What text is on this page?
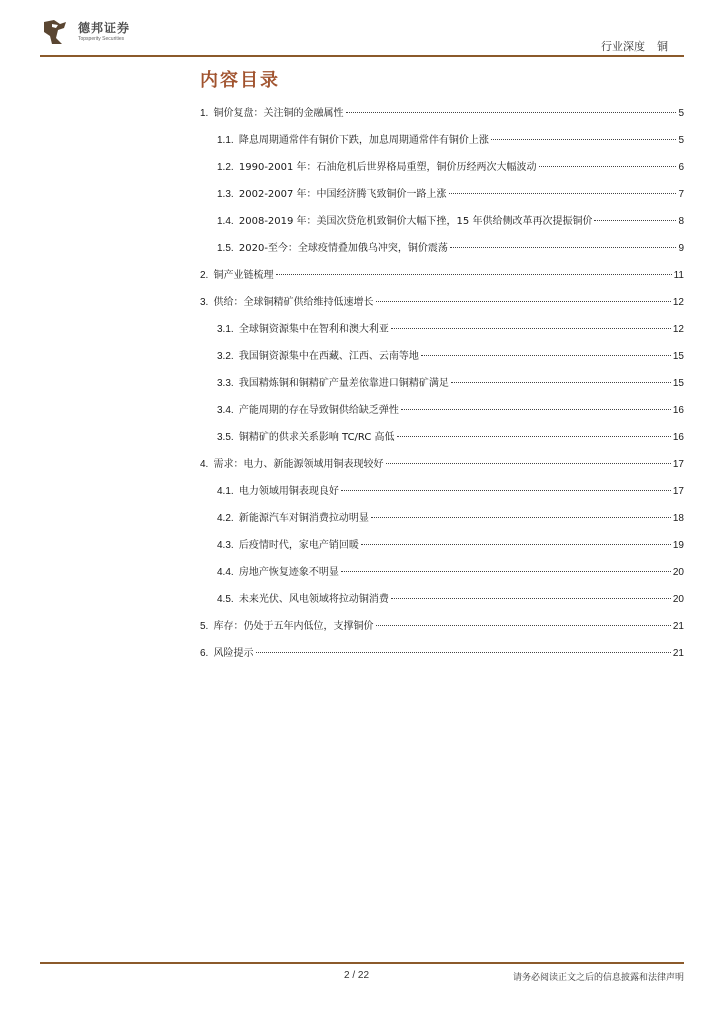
德邦证券
Topsperity Securities
行业深度 铜
内容目录
1. 铜价复盘：关注铜的金融属性	5
1.1. 降息周期通常伴有铜价下跌，加息周期通常伴有铜价上涨	5
1.2. 1990-2001 年：石油危机后世界格局重塑，铜价历经两次大幅波动	6
1.3. 2002-2007 年：中国经济腾飞致铜价一路上涨	7
1.4. 2008-2019 年：美国次贷危机致铜价大幅下挫，15 年供给侧改革再次提振铜价	8
1.5. 2020-至今：全球疫情叠加俄乌冲突，铜价震荡	9
2. 铜产业链梳理	11
3. 供给：全球铜精矿供给维持低速增长	12
3.1. 全球铜资源集中在智利和澳大利亚	12
3.2. 我国铜资源集中在西藏、江西、云南等地	15
3.3. 我国精炼铜和铜精矿产量差依靠进口铜精矿满足	15
3.4. 产能周期的存在导致铜供给缺乏弹性	16
3.5. 铜精矿的供求关系影响 TC/RC 高低	16
4. 需求：电力、新能源领域用铜表现较好	17
4.1. 电力领域用铜表现良好	17
4.2. 新能源汽车对铜消费拉动明显	18
4.3. 后疫情时代，家电产销回暖	19
4.4. 房地产恢复迹象不明显	20
4.5. 未来光伏、风电领域将拉动铜消费	20
5. 库存：仍处于五年内低位，支撑铜价	21
6. 风险提示	21
2 / 22	请务必阅读正文之后的信息披露和法律声明
